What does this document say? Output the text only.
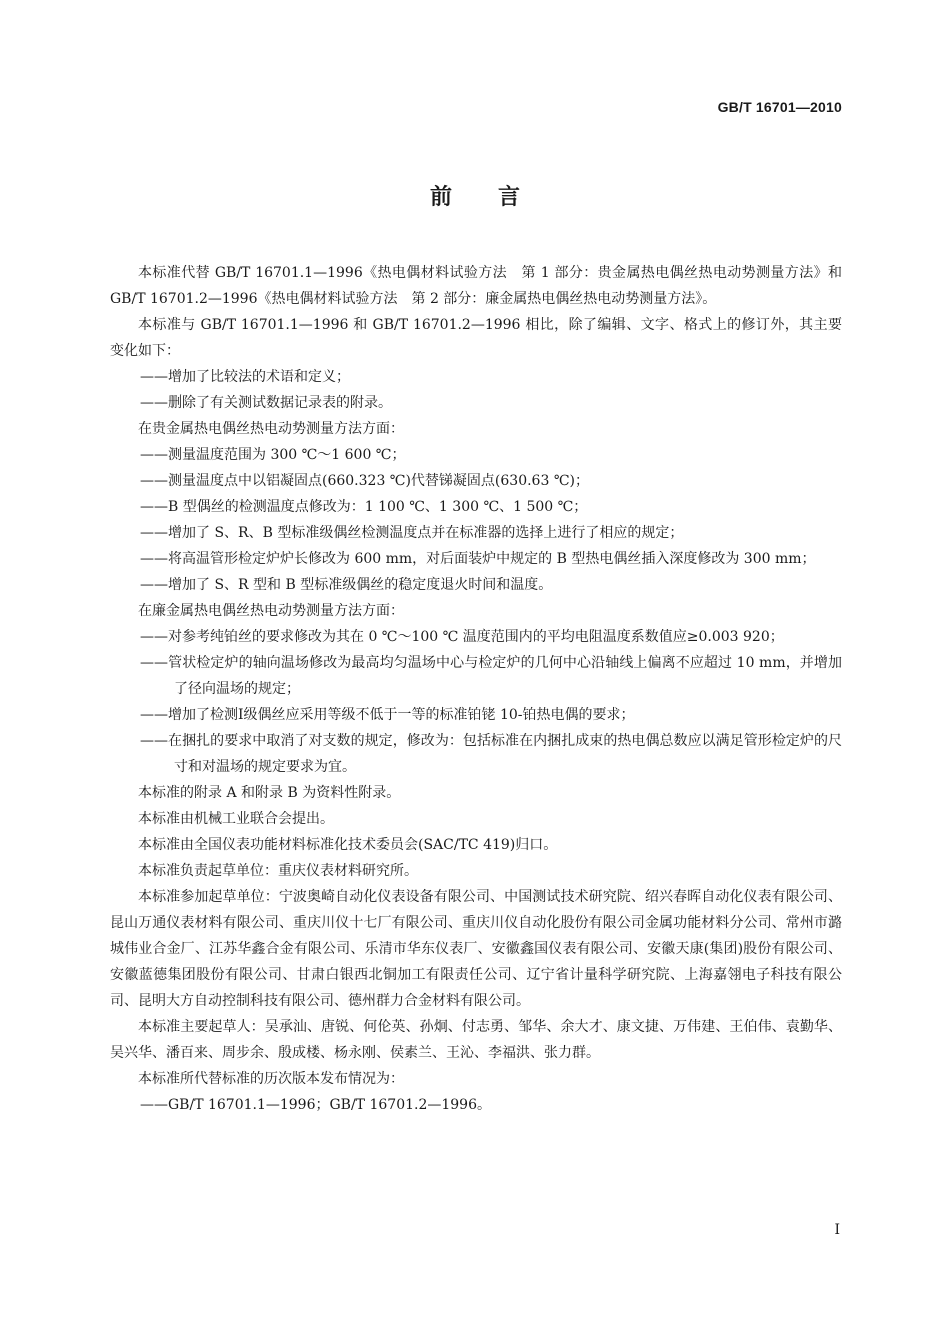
GB/T 16701—2010
前 言

本标准代替 GB/T 16701.1—1996《热电偶材料试验方法　第 1 部分：贵金属热电偶丝热电动势测量方法》和 GB/T 16701.2—1996《热电偶材料试验方法　第 2 部分：廉金属热电偶丝热电动势测量方法》。

本标准与 GB/T 16701.1—1996 和 GB/T 16701.2—1996 相比，除了编辑、文字、格式上的修订外，其主要变化如下：

——增加了比较法的术语和定义；

——删除了有关测试数据记录表的附录。

在贵金属热电偶丝热电动势测量方法方面：

——测量温度范围为 300 ℃～1 600 ℃；

——测量温度点中以铝凝固点(660.323 ℃)代替锑凝固点(630.63 ℃)；

——B 型偶丝的检测温度点修改为：1 100 ℃、1 300 ℃、1 500 ℃；

——增加了 S、R、B 型标准级偶丝检测温度点并在标准器的选择上进行了相应的规定；

——将高温管形检定炉炉长修改为 600 mm，对后面装炉中规定的 B 型热电偶丝插入深度修改为 300 mm；

——增加了 S、R 型和 B 型标准级偶丝的稳定度退火时间和温度。

在廉金属热电偶丝热电动势测量方法方面：

——对参考纯铂丝的要求修改为其在 0 ℃～100 ℃ 温度范围内的平均电阻温度系数值应≥0.003 920；

——管状检定炉的轴向温场修改为最高均匀温场中心与检定炉的几何中心沿轴线上偏离不应超过 10 mm，并增加了径向温场的规定；

——增加了检测Ⅰ级偶丝应采用等级不低于一等的标准铂铑 10-铂热电偶的要求；

——在捆扎的要求中取消了对支数的规定，修改为：包括标准在内捆扎成束的热电偶总数应以满足管形检定炉的尺寸和对温场的规定要求为宜。

本标准的附录 A 和附录 B 为资料性附录。

本标准由机械工业联合会提出。

本标准由全国仪表功能材料标准化技术委员会(SAC/TC 419)归口。

本标准负责起草单位：重庆仪表材料研究所。

本标准参加起草单位：宁波奥崎自动化仪表设备有限公司、中国测试技术研究院、绍兴春晖自动化仪表有限公司、昆山万通仪表材料有限公司、重庆川仪十七厂有限公司、重庆川仪自动化股份有限公司金属功能材料分公司、常州市潞城伟业合金厂、江苏华鑫合金有限公司、乐清市华东仪表厂、安徽鑫国仪表有限公司、安徽天康(集团)股份有限公司、安徽蓝德集团股份有限公司、甘肃白银西北铜加工有限责任公司、辽宁省计量科学研究院、上海嘉翎电子科技有限公司、昆明大方自动控制科技有限公司、德州群力合金材料有限公司。

本标准主要起草人：吴承汕、唐锐、何伦英、孙炯、付志勇、邹华、余大才、康文捷、万伟建、王伯伟、袁勤华、吴兴华、潘百来、周步余、殷成楼、杨永刚、侯素兰、王沁、李福洪、张力群。

本标准所代替标准的历次版本发布情况为：

——GB/T 16701.1—1996；GB/T 16701.2—1996。

Ⅰ
